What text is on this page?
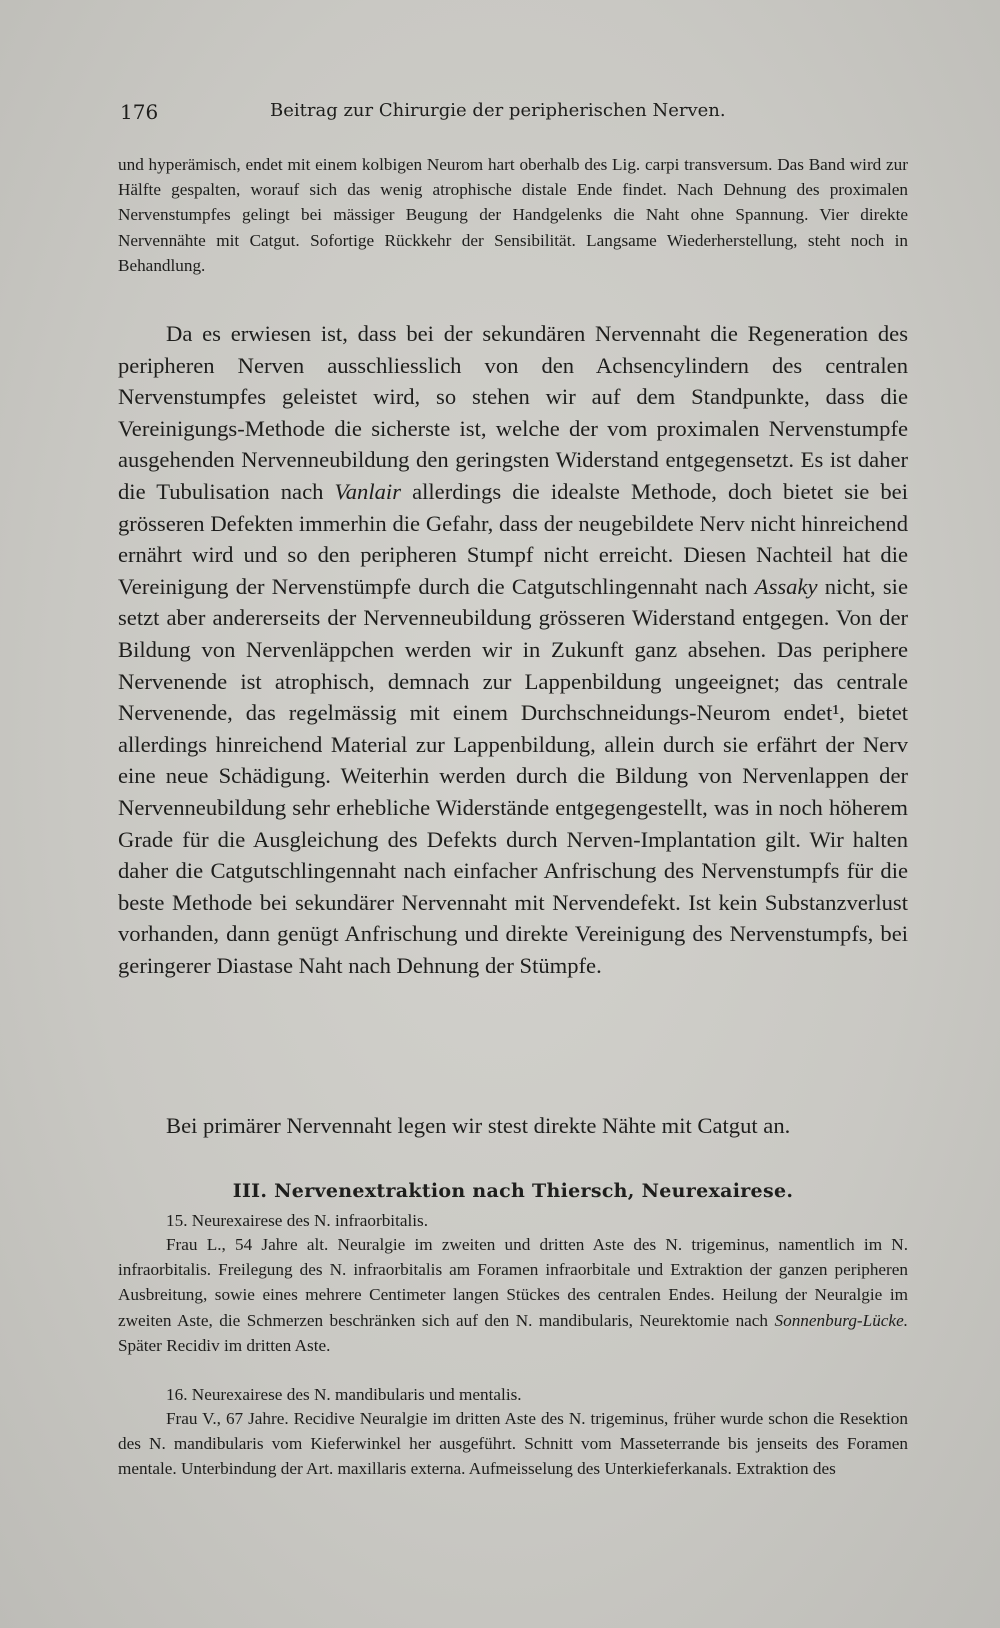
176	Beitrag zur Chirurgie der peripherischen Nerven.

und hyperämisch, endet mit einem kolbigen Neurom hart oberhalb des Lig. carpi transversum. Das Band wird zur Hälfte gespalten, worauf sich das wenig atrophische distale Ende findet. Nach Dehnung des proximalen Nervenstumpfes gelingt bei mässiger Beugung der Handgelenks die Naht ohne Spannung. Vier direkte Nervennähte mit Catgut. Sofortige Rückkehr der Sensibilität. Langsame Wiederherstellung, steht noch in Behandlung.

Da es erwiesen ist, dass bei der sekundären Nervennaht die Regeneration des peripheren Nerven ausschliesslich von den Achsencylindern des centralen Nervenstumpfes geleistet wird, so stehen wir auf dem Standpunkte, dass die Vereinigungs-Methode die sicherste ist, welche der vom proximalen Nervenstumpfe ausgehenden Nervenneubildung den geringsten Widerstand entgegensetzt. Es ist daher die Tubulisation nach Vanlair allerdings die idealste Methode, doch bietet sie bei grösseren Defekten immerhin die Gefahr, dass der neugebildete Nerv nicht hinreichend ernährt wird und so den peripheren Stumpf nicht erreicht. Diesen Nachteil hat die Vereinigung der Nervenstümpfe durch die Catgutschlingennaht nach Assaky nicht, sie setzt aber andererseits der Nervenneubildung grösseren Widerstand entgegen. Von der Bildung von Nervenläppchen werden wir in Zukunft ganz absehen. Das periphere Nervenende ist atrophisch, demnach zur Lappenbildung ungeeignet; das centrale Nervenende, das regelmässig mit einem Durchschneidungs-Neurom endet¹, bietet allerdings hinreichend Material zur Lappenbildung, allein durch sie erfährt der Nerv eine neue Schädigung. Weiterhin werden durch die Bildung von Nervenlappen der Nervenneubildung sehr erhebliche Widerstände entgegengestellt, was in noch höherem Grade für die Ausgleichung des Defekts durch Nerven-Implantation gilt. Wir halten daher die Catgutschlingennaht nach einfacher Anfrischung des Nervenstumpfs für die beste Methode bei sekundärer Nervennaht mit Nervendefekt. Ist kein Substanzverlust vorhanden, dann genügt Anfrischung und direkte Vereinigung des Nervenstumpfs, bei geringerer Diastase Naht nach Dehnung der Stümpfe.

Bei primärer Nervennaht legen wir stest direkte Nähte mit Catgut an.

III. Nervenextraktion nach Thiersch, Neurexairese.

15. Neurexairese des N. infraorbitalis.

Frau L., 54 Jahre alt. Neuralgie im zweiten und dritten Aste des N. trigeminus, namentlich im N. infraorbitalis. Freilegung des N. infraorbitalis am Foramen infraorbitale und Extraktion der ganzen peripheren Ausbreitung, sowie eines mehrere Centimeter langen Stückes des centralen Endes. Heilung der Neuralgie im zweiten Aste, die Schmerzen beschränken sich auf den N. mandibularis, Neurektomie nach Sonnenburg-Lücke. Später Recidiv im dritten Aste.

16. Neurexairese des N. mandibularis und mentalis.

Frau V., 67 Jahre. Recidive Neuralgie im dritten Aste des N. trigeminus, früher wurde schon die Resektion des N. mandibularis vom Kieferwinkel her ausgeführt. Schnitt vom Masseterrande bis jenseits des Foramen mentale. Unterbindung der Art. maxillaris externa. Aufmeisselung des Unterkieferkanals. Extraktion des
